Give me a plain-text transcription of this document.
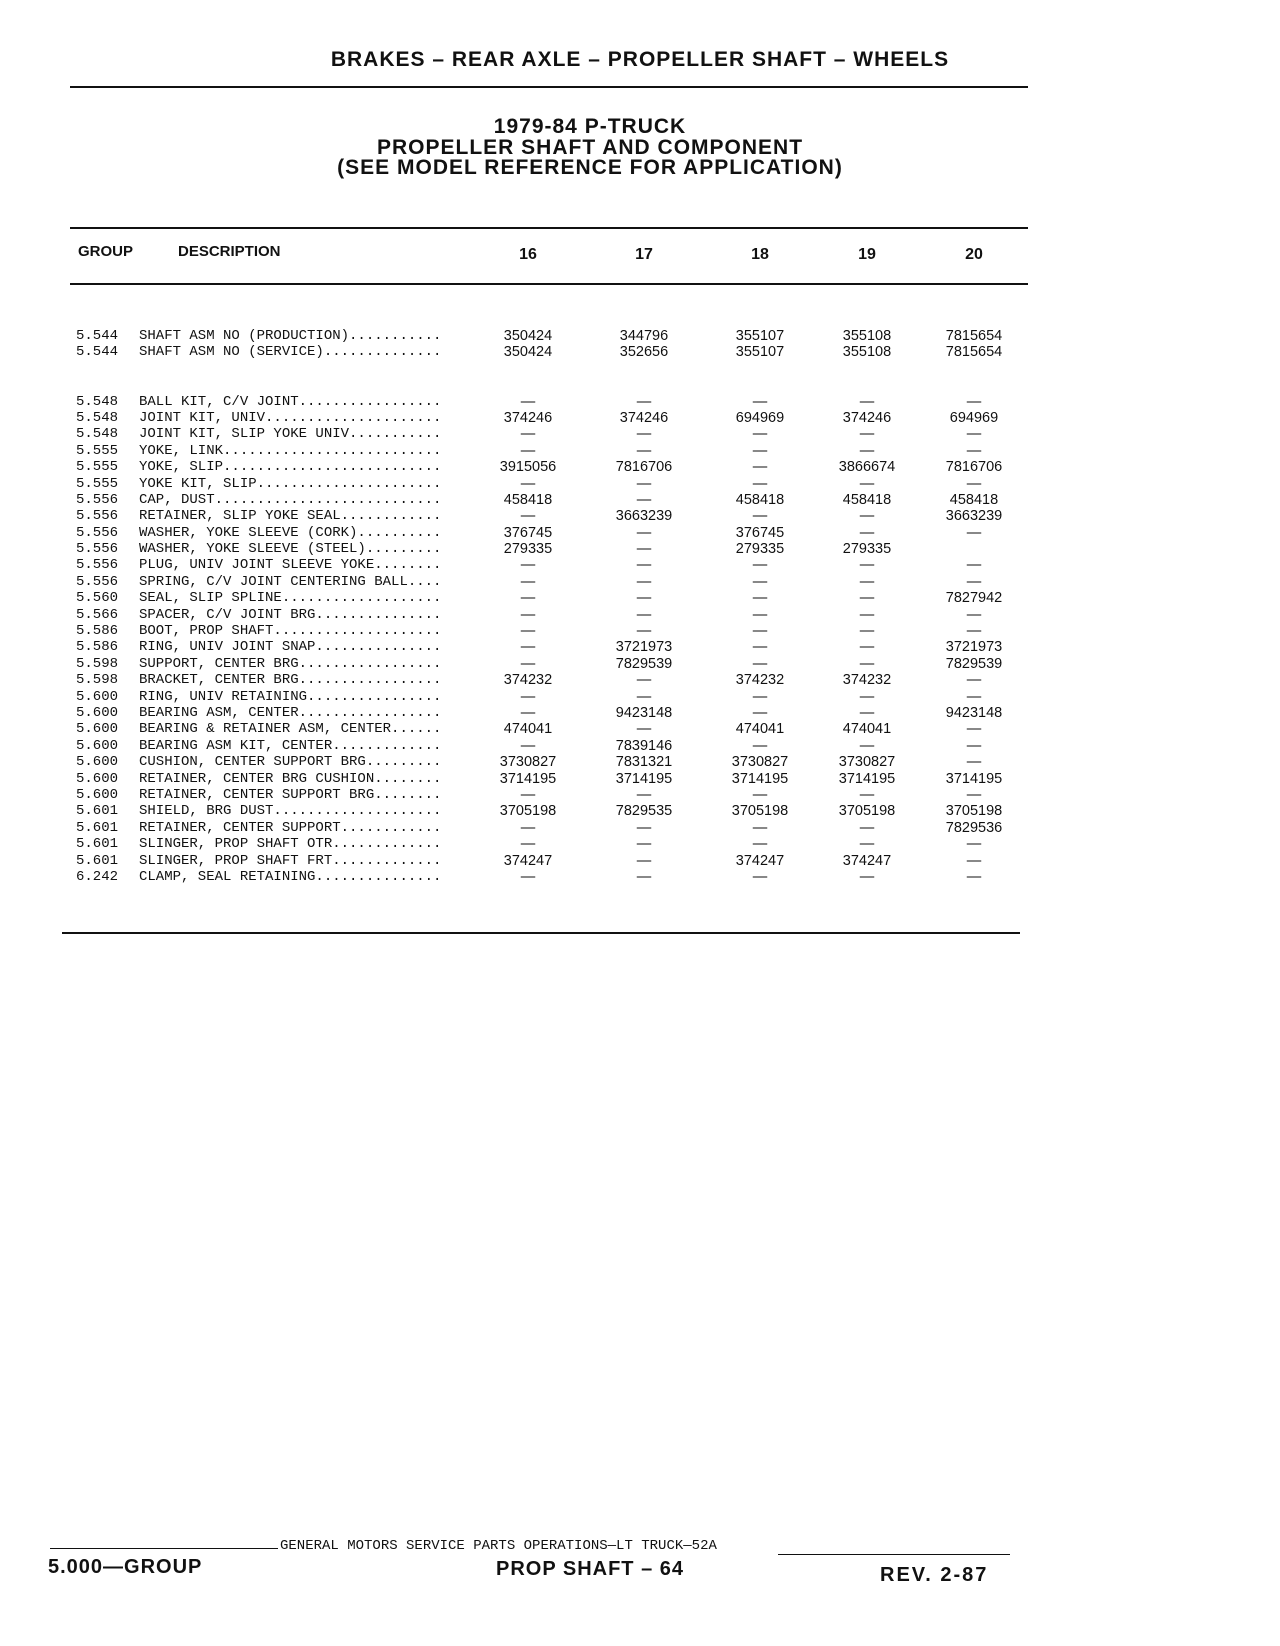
BRAKES – REAR AXLE – PROPELLER SHAFT – WHEELS
1979-84 P-TRUCK
PROPELLER SHAFT AND COMPONENT
(SEE MODEL REFERENCE FOR APPLICATION)
GROUP	DESCRIPTION	16	17	18	19	20
5.544	SHAFT ASM NO (PRODUCTION)...........	350424	344796	355107	355108	7815654
5.544	SHAFT ASM NO (SERVICE)..............	350424	352656	355107	355108	7815654
5.548	BALL KIT, C/V JOINT.................	—	—	—	—	—
5.548	JOINT KIT, UNIV.....................	374246	374246	694969	374246	694969
5.548	JOINT KIT, SLIP YOKE UNIV...........	—	—	—	—	—
5.555	YOKE, LINK..........................	—	—	—	—	—
5.555	YOKE, SLIP..........................	3915056	7816706	—	3866674	7816706
5.555	YOKE KIT, SLIP......................	—	—	—	—	—
5.556	CAP, DUST...........................	458418	—	458418	458418	458418
5.556	RETAINER, SLIP YOKE SEAL............	—	3663239	—	—	3663239
5.556	WASHER, YOKE SLEEVE (CORK)..........	376745	—	376745	—	—
5.556	WASHER, YOKE SLEEVE (STEEL).........	279335	—	279335	279335
5.556	PLUG, UNIV JOINT SLEEVE YOKE........	—	—	—	—	—
5.556	SPRING, C/V JOINT CENTERING BALL....	—	—	—	—	—
5.560	SEAL, SLIP SPLINE...................	—	—	—	—	7827942
5.566	SPACER, C/V JOINT BRG...............	—	—	—	—	—
5.586	BOOT, PROP SHAFT....................	—	—	—	—	—
5.586	RING, UNIV JOINT SNAP...............	—	3721973	—	—	3721973
5.598	SUPPORT, CENTER BRG.................	—	7829539	—	—	7829539
5.598	BRACKET, CENTER BRG.................	374232	—	374232	374232	—
5.600	RING, UNIV RETAINING................	—	—	—	—	—
5.600	BEARING ASM, CENTER.................	—	9423148	—	—	9423148
5.600	BEARING & RETAINER ASM, CENTER......	474041	—	474041	474041	—
5.600	BEARING ASM KIT, CENTER.............	—	7839146	—	—	—
5.600	CUSHION, CENTER SUPPORT BRG.........	3730827	7831321	3730827	3730827	—
5.600	RETAINER, CENTER BRG CUSHION........	3714195	3714195	3714195	3714195	3714195
5.600	RETAINER, CENTER SUPPORT BRG........	—	—	—	—	—
5.601	SHIELD, BRG DUST....................	3705198	7829535	3705198	3705198	3705198
5.601	RETAINER, CENTER SUPPORT............	—	—	—	—	7829536
5.601	SLINGER, PROP SHAFT OTR.............	—	—	—	—	—
5.601	SLINGER, PROP SHAFT FRT.............	374247	—	374247	374247	—
6.242	CLAMP, SEAL RETAINING...............	—	—	—	—	—
GENERAL MOTORS SERVICE PARTS OPERATIONS—LT TRUCK—52A
5.000—GROUP	PROP SHAFT – 64	REV. 2-87
